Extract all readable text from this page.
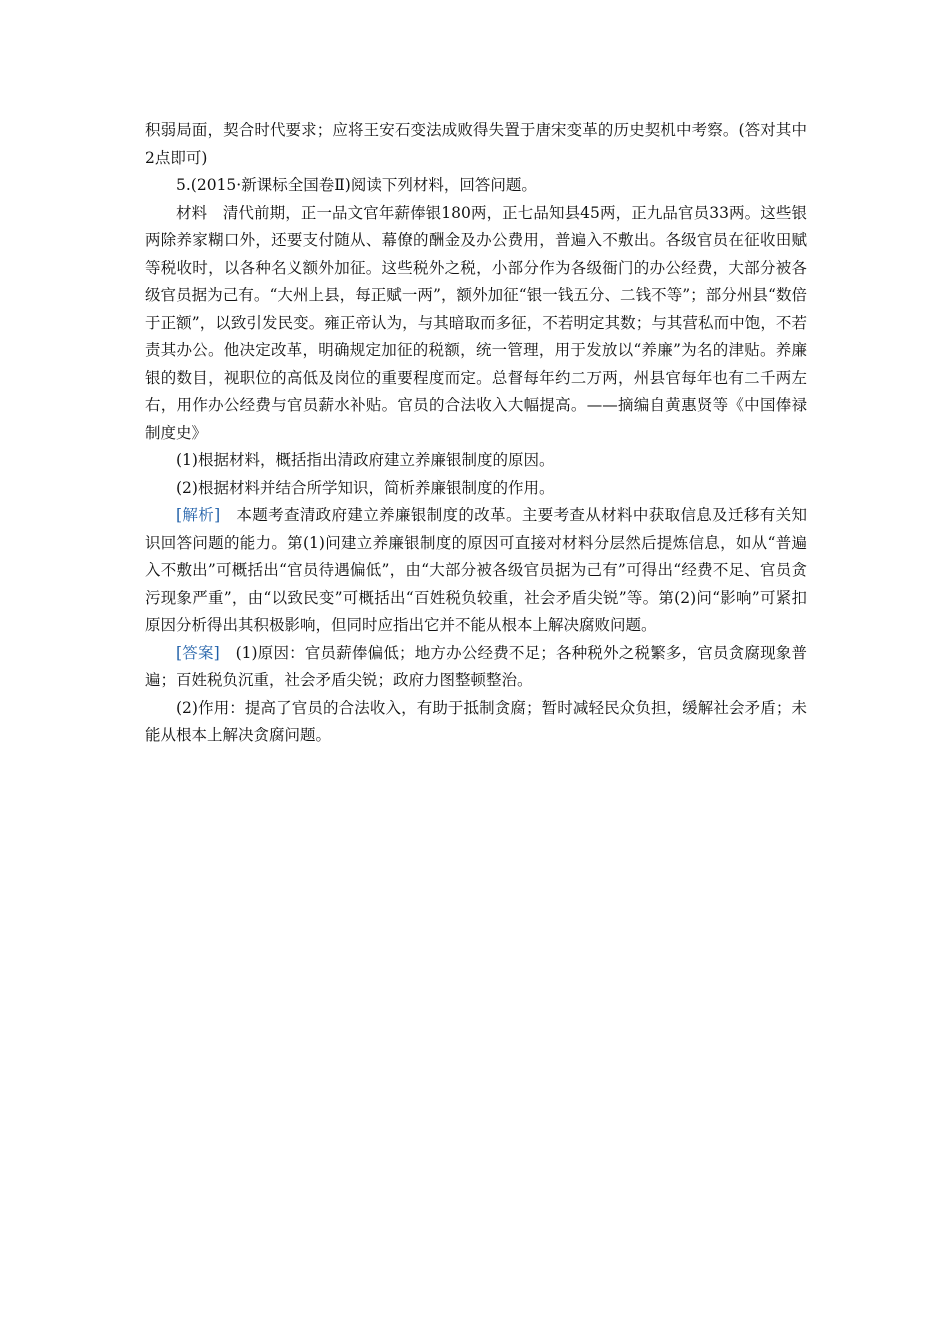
积弱局面，契合时代要求；应将王安石变法成败得失置于唐宋变革的历史契机中考察。(答对其中2点即可)

5.(2015·新课标全国卷Ⅱ)阅读下列材料，回答问题。

材料　 清代前期，正一品文官年薪俸银180两，正七品知县45两，正九品官员33两。这些银两除养家糊口外，还要支付随从、幕僚的酬金及办公费用，普遍入不敷出。各级官员在征收田赋等税收时，以各种名义额外加征。这些税外之税，小部分作为各级衙门的办公经费，大部分被各级官员据为己有。“大州上县，每正赋一两”，额外加征“银一钱五分、二钱不等”；部分州县“数倍于正额”，以致引发民变。雍正帝认为，与其暗取而多征，不若明定其数；与其营私而中饱，不若责其办公。他决定改革，明确规定加征的税额，统一管理，用于发放以“养廉”为名的津贴。养廉银的数目，视职位的高低及岗位的重要程度而定。总督每年约二万两，州县官每年也有二千两左右，用作办公经费与官员薪水补贴。官员的合法收入大幅提高。——摘编自黄惠贤等《中国俸禄制度史》

(1)根据材料，概括指出清政府建立养廉银制度的原因。

(2)根据材料并结合所学知识，简析养廉银制度的作用。

[解析]　 本题考查清政府建立养廉银制度的改革。主要考查从材料中获取信息及迁移有关知识回答问题的能力。第(1)问建立养廉银制度的原因可直接对材料分层然后提炼信息，如从“普遍入不敷出”可概括出“官员待遇偏低”，由“大部分被各级官员据为己有”可得出“经费不足、官员贪污现象严重”，由“以致民变”可概括出“百姓税负较重，社会矛盾尖锐”等。第(2)问“影响”可紧扣原因分析得出其积极影响，但同时应指出它并不能从根本上解决腐败问题。

[答案]　 (1)原因：官员薪俸偏低；地方办公经费不足；各种税外之税繁多，官员贪腐现象普遍；百姓税负沉重，社会矛盾尖锐；政府力图整顿整治。

(2)作用：提高了官员的合法收入，有助于抵制贪腐；暂时减轻民众负担，缓解社会矛盾；未能从根本上解决贪腐问题。
